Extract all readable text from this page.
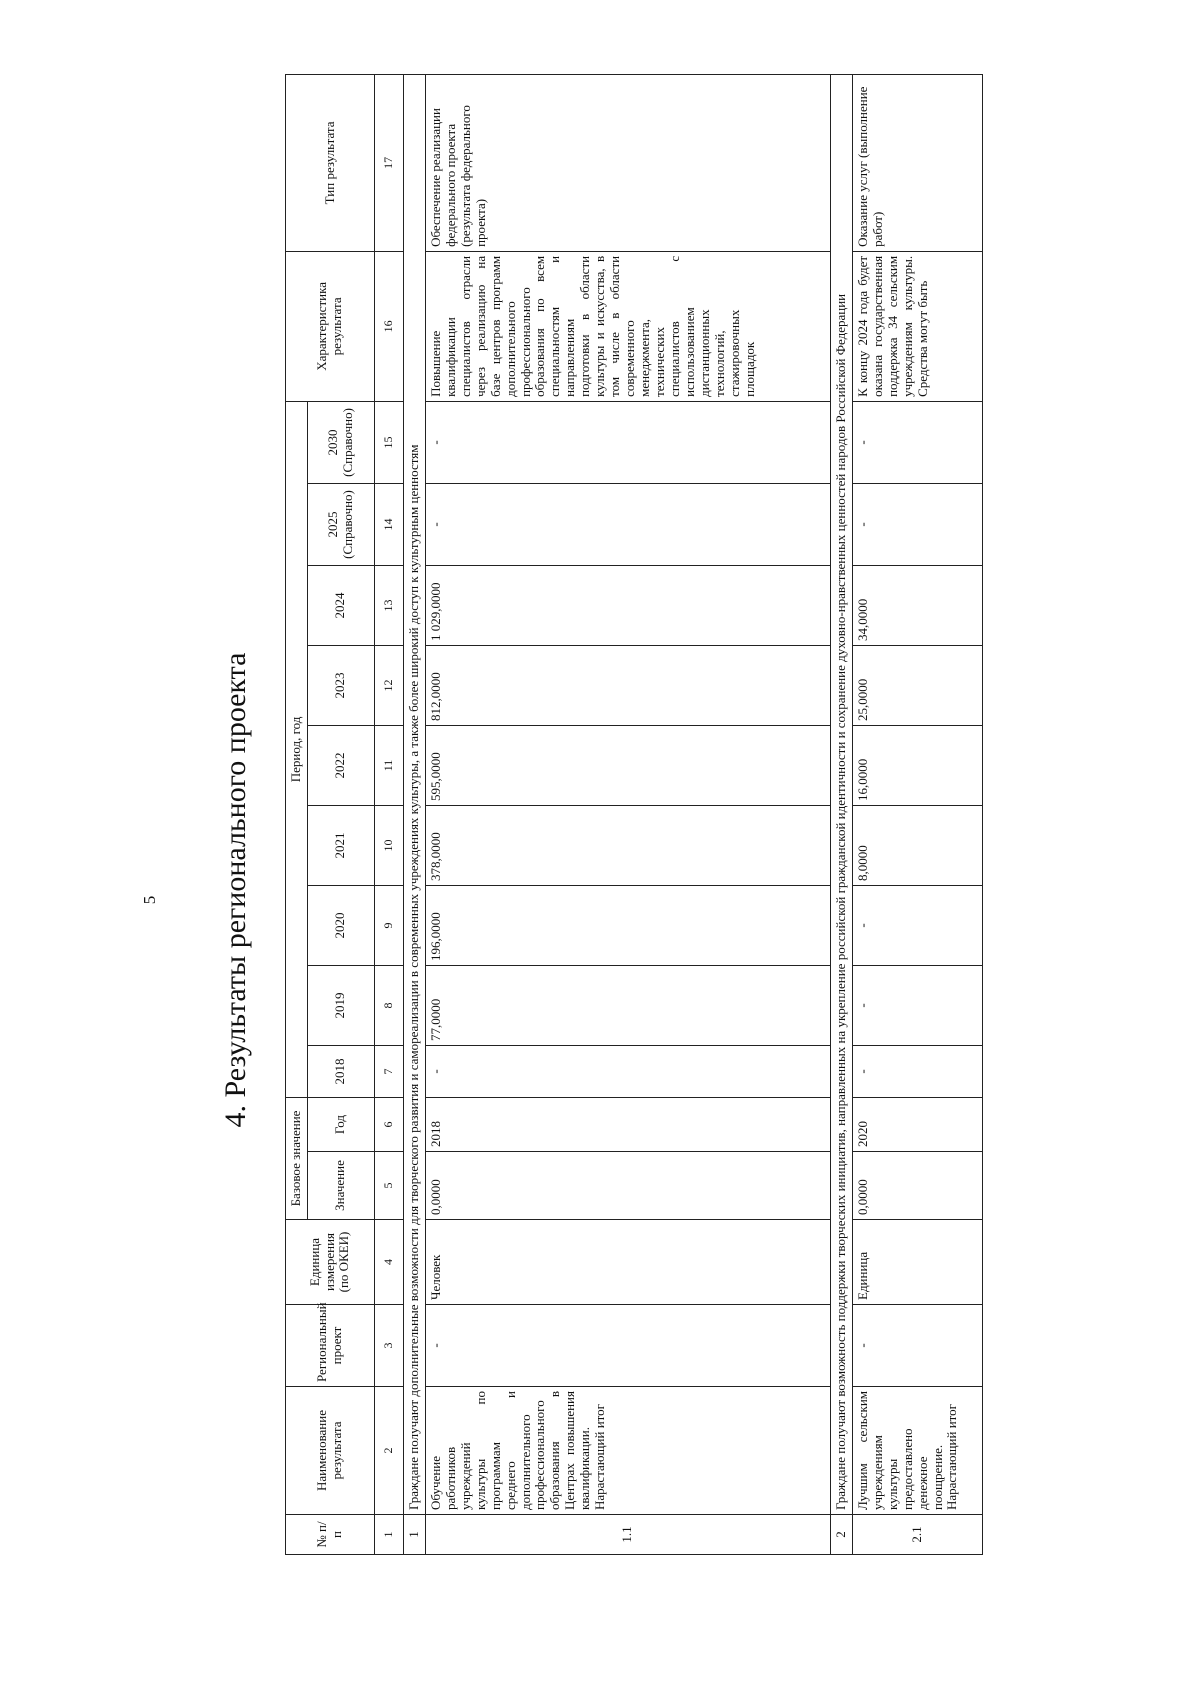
5 4. Результаты регионального проекта
№ п/п	Наименование результата	Региональный проект	Единица измерения (по ОКЕИ)	Базовое значение		Период, год									Характеристика результата	Тип результата
				Значение	Год	2018	2019	2020	2021	2022	2023	2024	2025 (Справочно)	2030 (Справочно)		

1	2	3	4	5	6	7	8	9	10	11	12	13	14	15	16	17
1	Граждане получают дополнительные возможности для творческого развития и самореализации в современных учреждениях культуры, а также более широкий доступ к культурным ценностям															
1.1	Обучение работников учреждений культуры по программам среднего и дополнительного профессионального образования в Центрах повышения квалификации. Нарастающий итог	-	Человек	0,0000	2018	-	77,0000	196,0000	378,0000	595,0000	812,0000	1 029,0000	-	-	Повышение квалификации специалистов отрасли через реализацию на базе центров программ дополнительного профессионального образования по всем специальностям и направлениям подготовки в области культуры и искусства, в том числе в области современного менеджмента, технических специалистов с использованием дистанционных технологий, стажировочных площадок	Обеспечение реализации федерального проекта (результата федерального проекта)
2	Граждане получают возможность поддержки творческих инициатив, направленных на укрепление российской гражданской идентичности и сохранение духовно-нравственных ценностей народов Российской Федерации															
2.1	Лучшим сельским учреждениям культуры предоставлено денежное поощрение. Нарастающий итог	-	Единица	0,0000	2020	-	-	-	8,0000	16,0000	25,0000	34,0000	-	-	К концу 2024 года будет оказана государственная поддержка 34 сельским учреждениям культуры. Средства могут быть	Оказание услуг (выполнение работ)
